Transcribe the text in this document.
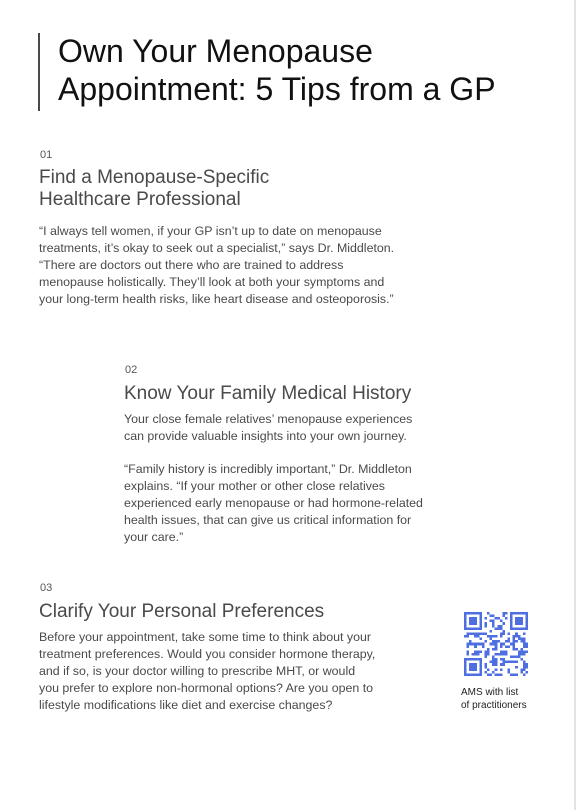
Own Your Menopause Appointment: 5 Tips from a GP
01
Find a Menopause-Specific
Healthcare Professional

“I always tell women, if your GP isn’t up to date on menopause
treatments, it’s okay to seek out a specialist,” says Dr. Middleton.
“There are doctors out there who are trained to address
menopause holistically. They’ll look at both your symptoms and
your long-term health risks, like heart disease and osteoporosis.”

02
Know Your Family Medical History

Your close female relatives’ menopause experiences
can provide valuable insights into your own journey.

“Family history is incredibly important,” Dr. Middleton
explains. “If your mother or other close relatives
experienced early menopause or had hormone-related
health issues, that can give us critical information for
your care.”

03
Clarify Your Personal Preferences

Before your appointment, take some time to think about your
treatment preferences. Would you consider hormone therapy,
and if so, is your doctor willing to prescribe MHT, or would
you prefer to explore non-hormonal options? Are you open to
lifestyle modifications like diet and exercise changes?

AMS with list
of practitioners
